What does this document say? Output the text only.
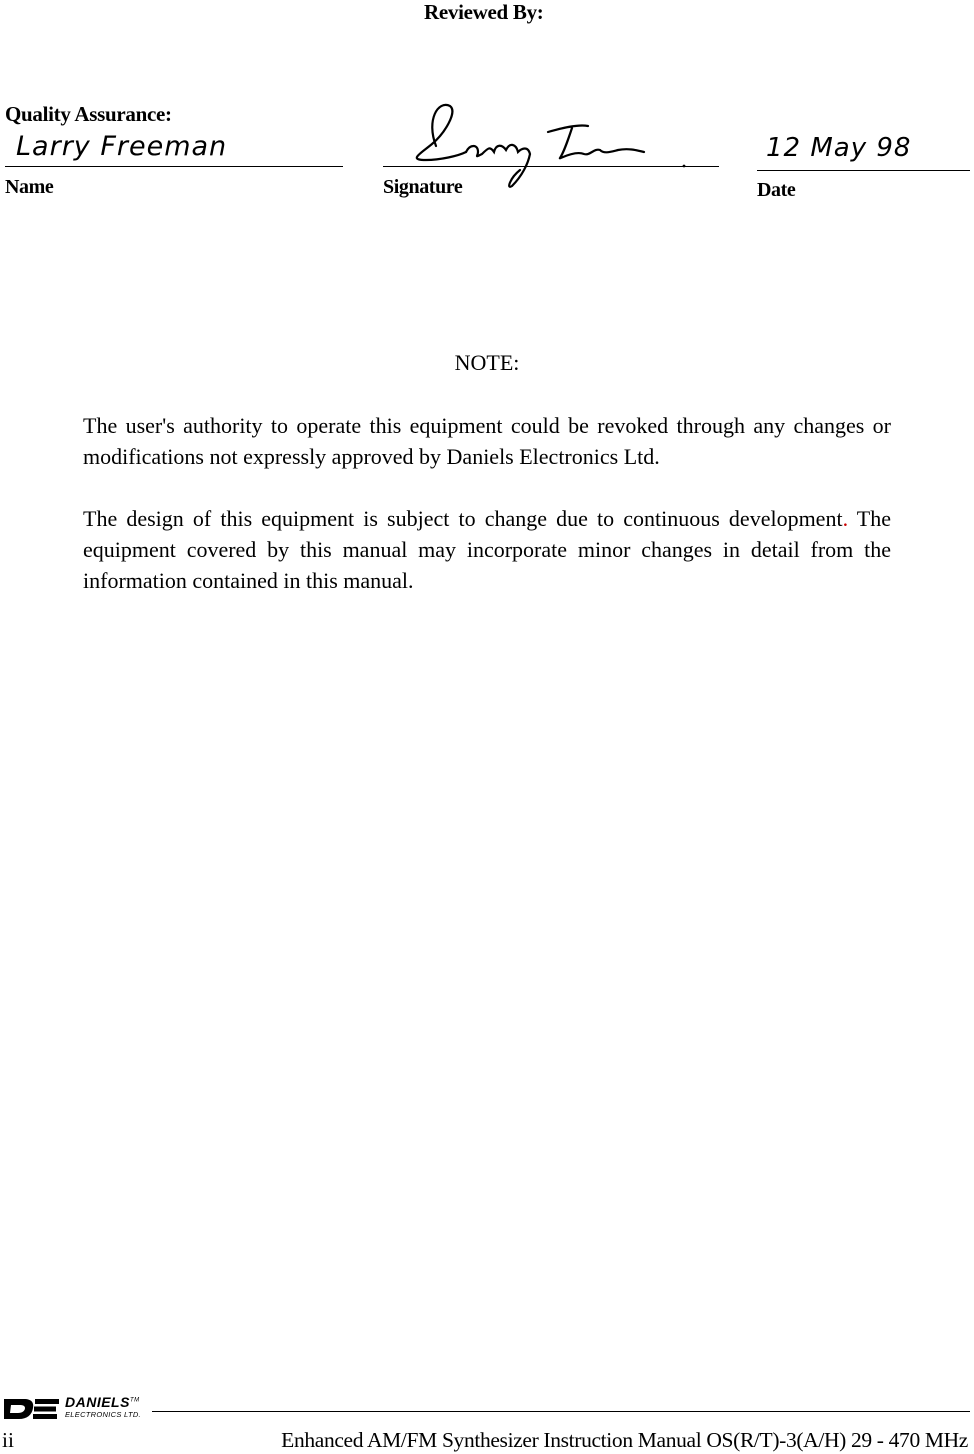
Reviewed By:
Quality Assurance:
Larry Freeman
Name	Signature
12 May 98
Date
NOTE:

The user's authority to operate this equipment could be revoked through any changes or modifications not expressly approved by Daniels Electronics Ltd.

The design of this equipment is subject to change due to continuous development. The equipment covered by this manual may incorporate minor changes in detail from the information contained in this manual.

DANIELS™
ELECTRONICS LTD.
ii	Enhanced AM/FM Synthesizer Instruction Manual OS(R/T)-3(A/H) 29 - 470 MHz
